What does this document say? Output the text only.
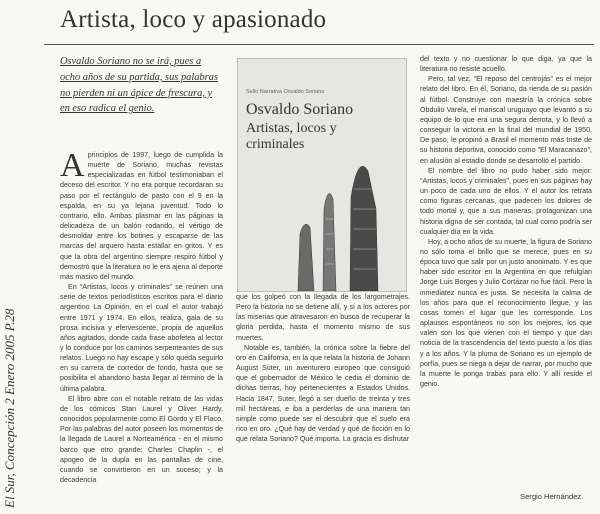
El Sur, Concepción 2 Enero 2005 P.28
Artista, loco y apasionado
Osvaldo Soriano no se irá, pues a ocho años de su partida, sus palabras no pierden ni un ápice de frescura, y en eso radica el genio.
Sello Narrativa Osvaldo Soriano
Osvaldo Soriano
Artistas, locos y criminales

Aprincipios de 1997, luego de cumplida la muerte de Soriano, muchas revistas especializadas en fútbol testimoniaban el deceso del escritor. Y no era porque recordaran su paso por el rectángulo de pasto con el 9 en la espalda, en su ya lejana juventud. Todo lo contrario, ello. Ambas plasmar en las páginas la delicadeza de un balón rodando, el vértigo de desmoldar entre los botines y escaparse de las marcas del arquero hasta estallar en gritos. Y es que la obra del argentino siempre respiró fútbol y demostró que la literatura no le era ajena al deporte más masivo del mundo.

En "Artistas, locos y criminales" se reúnen una serie de textos periodísticos escritos para el diario argentino La Opinión, en el cual el autor trabajó entre 1971 y 1974. En ellos, realiza, gala de su prosa incisiva y efervescente, propia de aquellos años agitados, donde cada frase abofetea al lector y lo conduce por los caminos serpenteantes de sus relatos. Luego no hay escape y sólo queda seguirlo en su carrera de corredor de fondo, hasta que se posibilita el abandono hasta llegar al término de la última palabra.

El libro abre con el notable retrato de las vidas de los cómicos Stan Laurel y Oliver Hardy, conocidos popularmente como El Gordo y El Flaco. Por las palabras del autor poseen los momentos de la llegada de Laurel a Norteamérica - en el mismo barco que otro grande: Charles Chaplin -, el apogeo de la dupla en las pantallas de cine, cuando se convirtieron en un suceso; y la decadencia

que los golpeó con la llegada de los largometrajes. Pero la historia no se detiene allí, y sí a los actores por las miserias que atravesaron en busca de recuperar la gloria perdida, hasta el momento mismo de sus muertes.

Notable es, también, la crónica sobre la fiebre del oro en California, en la que relata la historia de Johann August Suter, un aventurero europeo que consiguió que el gobernador de México le cedia el dominio de dichas tierras, hoy pertenecientes a Estados Unidos. Hacia 1847, Suter, llegó a ser dueño de treinta y tres mil hectáreas, e iba a perderlas de una manera tan simple como puede ser el descubrir que el suelo era rico en oro. ¿Qué hay de verdad y qué de ficción en lo que relata Soriano? Qué importa. La gracia es disfrutar

del texto y no cuestionar lo que diga, ya que la literatura no resiste acuello.

Pero, tal vez, "El reposo del centrojás" es el mejor relato del libro. En él, Soriano, da rienda de su pasión al fútbol. Construye con maestría la crónica sobre Obdulio Varela, el mariscal uruguayo que levantó a su equipo de lo que era una segura derrota, y lo llevó a conseguir la victoria en la final del mundial de 1950. De paso, le propinó a Brasil el momento más triste de su historia deportiva, conocido como "El Maracanazo", en alusión al estadio donde se desarrolló el partido.

El nombre del libro no pudo haber sido mejor: "Artistas, locos y criminales", pues en sus páginas hay un poco de cada uno de ellos. Y el autor los retrata como figuras cercanas, que padecen los dolores de todo mortal y, que a sus maneras, protagonizan una historia digna de ser contada, tal cual como podría ser cualquier día en la vida.

Hoy, a ocho años de su muerte, la figura de Soriano no sólo toma el brillo que se merece, pues en su época tuvo que salir por un justo anonimato. Y es que haber sido escritor en la Argentina en que refulgían Jorge Luis Borges y Julio Cortázar no fue fácil. Pero la inmediatez nunca es justa. Se necesita la calma de los años para que el reconocimiento llegue, y las cosas tomen el lugar que les corresponde. Los aplausos espontáneos no son los mejores, los que valen son los que vienen con el tiempo y que dan noticia de la trascendencia del texto puesto a los días y a los años. Y la pluma de Soriano es un ejemplo de porfía, pues se niega a dejar de narrar, por mucho que la muerte le ponga trabas para ello. Y allí reside el genio.

Sergio Hernández.
